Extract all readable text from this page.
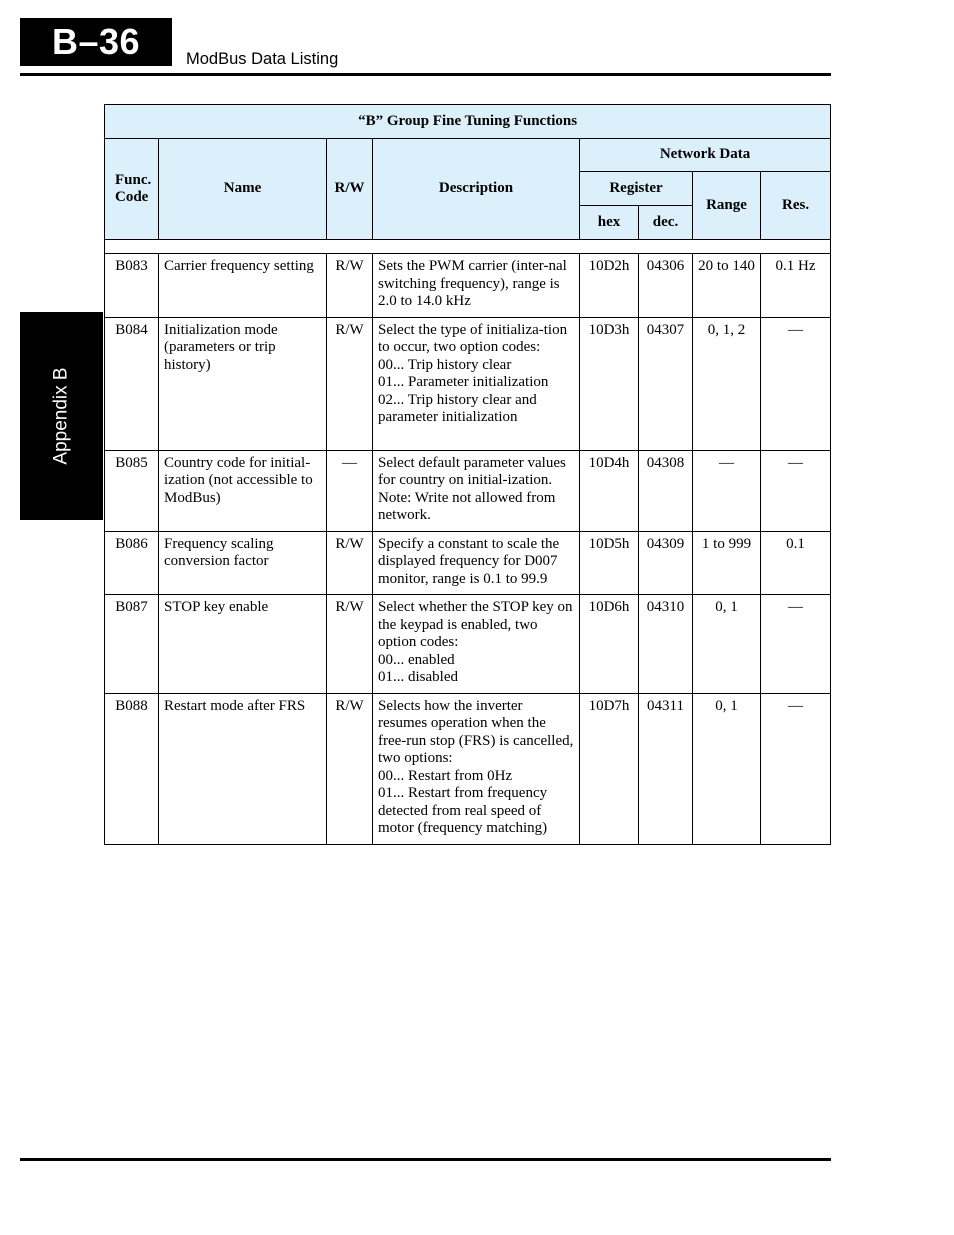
B–36	ModBus Data Listing
Appendix B
“B” Group Fine Tuning Functions							
Func. Code	Name	R/W	Description	Network Data			
				Register		Range	Res.
				hex	dec.		

B083	Carrier frequency setting	R/W	Sets the PWM carrier (inter-nal switching frequency), range is 2.0 to 14.0 kHz	10D2h	04306	20 to 140	0.1 Hz
B084	Initialization mode (parameters or trip history)	R/W	Select the type of initializa-tion to occur, two option codes:
00... Trip history clear
01... Parameter initialization
02... Trip history clear and parameter initialization	10D3h	04307	0, 1, 2	—
B085	Country code for initial-ization (not accessible to ModBus)	—	Select default parameter values for country on initial-ization. Note: Write not allowed from network.	10D4h	04308	—	—
B086	Frequency scaling conversion factor	R/W	Specify a constant to scale the displayed frequency for D007 monitor, range is 0.1 to 99.9	10D5h	04309	1 to 999	0.1
B087	STOP key enable	R/W	Select whether the STOP key on the keypad is enabled, two option codes:
00... enabled
01... disabled	10D6h	04310	0, 1	—
B088	Restart mode after FRS	R/W	Selects how the inverter resumes operation when the free-run stop (FRS) is cancelled, two options:
00... Restart from 0Hz
01... Restart from frequency detected from real speed of motor (frequency matching)	10D7h	04311	0, 1	—
